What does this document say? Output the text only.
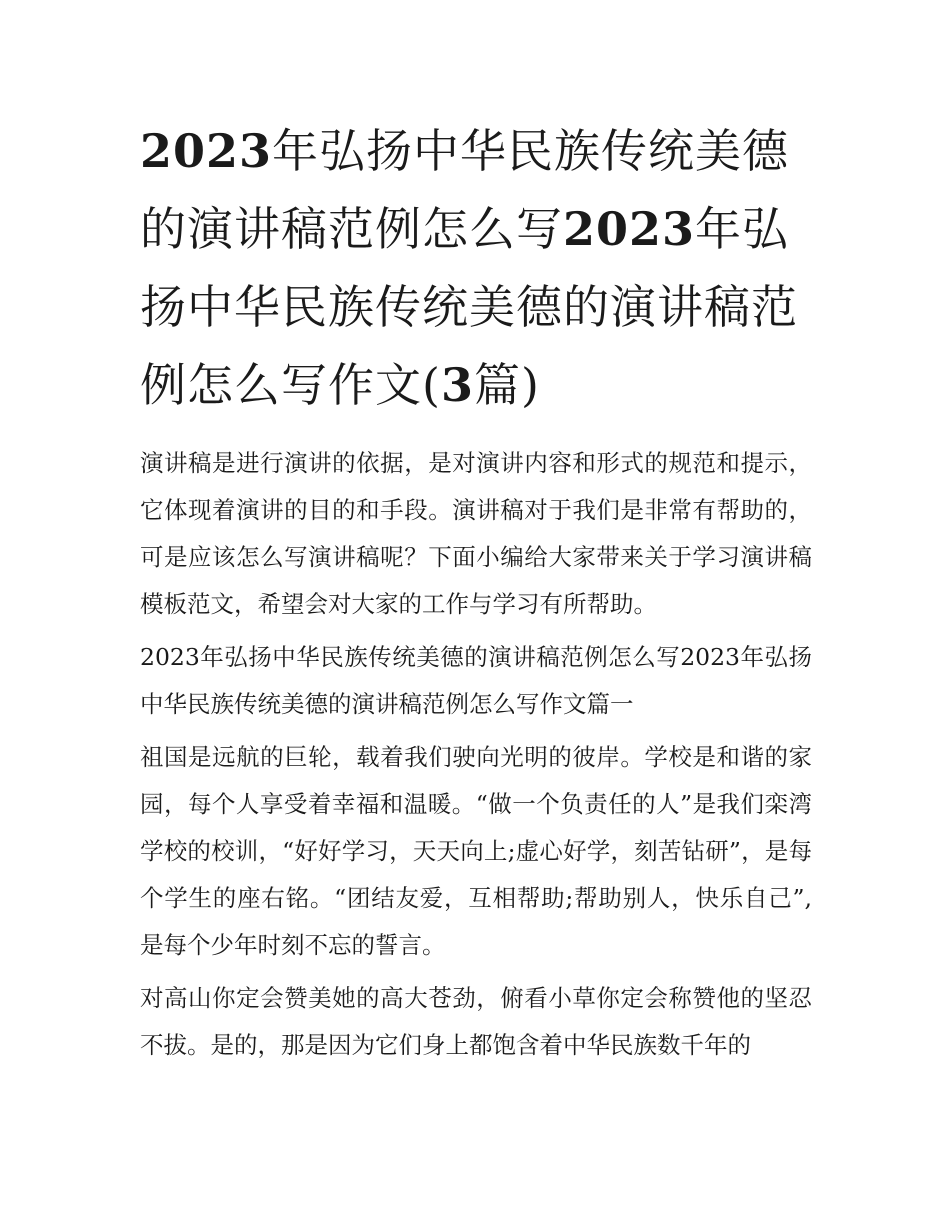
2023年弘扬中华民族传统美德的演讲稿范例怎么写2023年弘扬中华民族传统美德的演讲稿范例怎么写作文(3篇)

演讲稿是进行演讲的依据，是对演讲内容和形式的规范和提示，它体现着演讲的目的和手段。演讲稿对于我们是非常有帮助的，可是应该怎么写演讲稿呢？下面小编给大家带来关于学习演讲稿模板范文，希望会对大家的工作与学习有所帮助。

2023年弘扬中华民族传统美德的演讲稿范例怎么写2023年弘扬中华民族传统美德的演讲稿范例怎么写作文篇一

祖国是远航的巨轮，载着我们驶向光明的彼岸。学校是和谐的家园，每个人享受着幸福和温暖。“做一个负责任的人”是我们栾湾学校的校训，“好好学习，天天向上;虚心好学，刻苦钻研”，是每个学生的座右铭。“团结友爱，互相帮助;帮助别人，快乐自己”,是每个少年时刻不忘的誓言。

对高山你定会赞美她的高大苍劲，俯看小草你定会称赞他的坚忍不拔。是的，那是因为它们身上都饱含着中华民族数千年的
